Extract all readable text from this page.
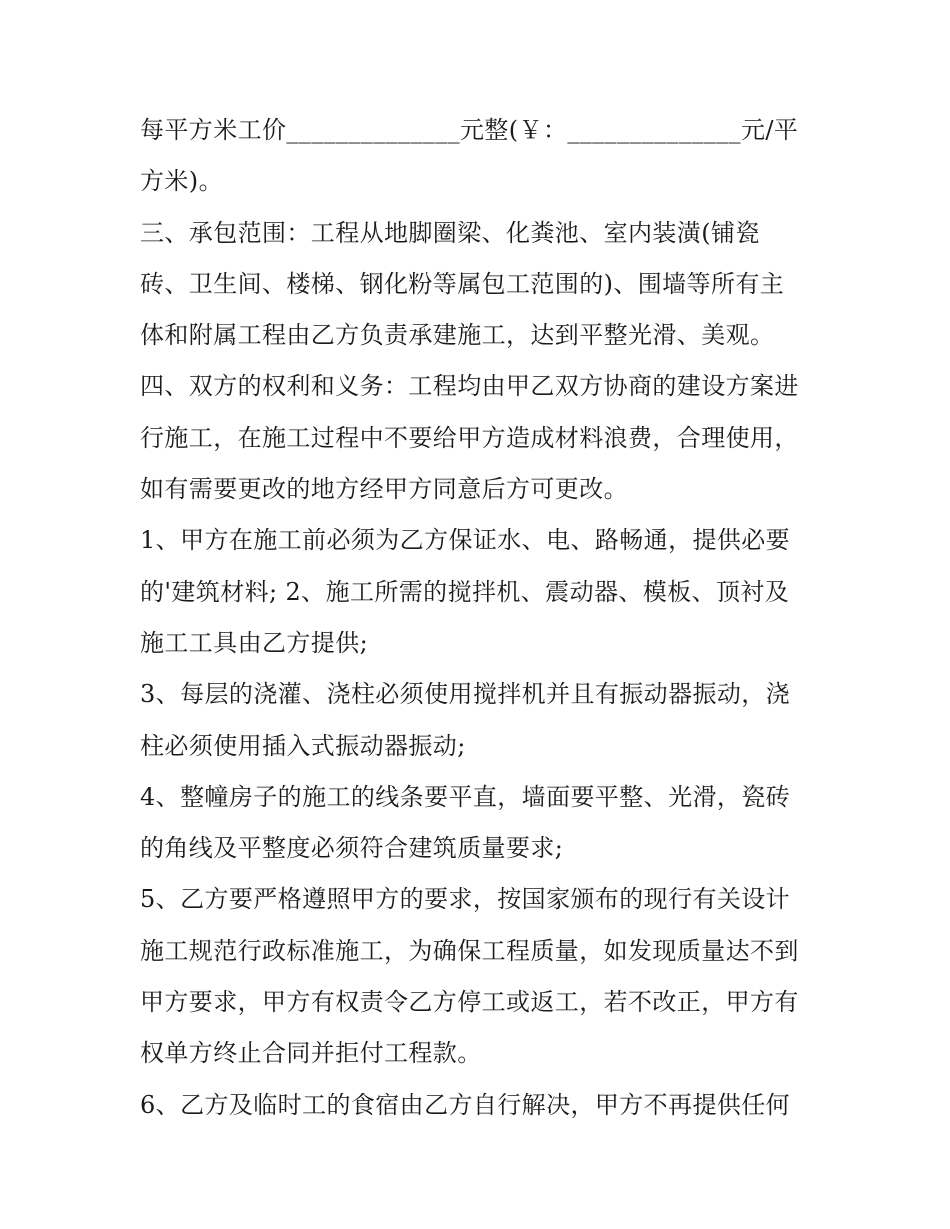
每平方米工价______________元整(￥：______________元/平
方米)。
三、承包范围：工程从地脚圈梁、化粪池、室内装潢(铺瓷
砖、卫生间、楼梯、钢化粉等属包工范围的)、围墙等所有主
体和附属工程由乙方负责承建施工，达到平整光滑、美观。
四、双方的权利和义务：工程均由甲乙双方协商的建设方案进
行施工，在施工过程中不要给甲方造成材料浪费，合理使用，
如有需要更改的地方经甲方同意后方可更改。
1、甲方在施工前必须为乙方保证水、电、路畅通，提供必要
的'建筑材料; 2、施工所需的搅拌机、震动器、模板、顶衬及
施工工具由乙方提供;
3、每层的浇灌、浇柱必须使用搅拌机并且有振动器振动，浇
柱必须使用插入式振动器振动;
4、整幢房子的施工的线条要平直，墙面要平整、光滑，瓷砖
的角线及平整度必须符合建筑质量要求;
5、乙方要严格遵照甲方的要求，按国家颁布的现行有关设计
施工规范行政标准施工，为确保工程质量，如发现质量达不到
甲方要求，甲方有权责令乙方停工或返工，若不改正，甲方有
权单方终止合同并拒付工程款。
6、乙方及临时工的食宿由乙方自行解决，甲方不再提供任何
